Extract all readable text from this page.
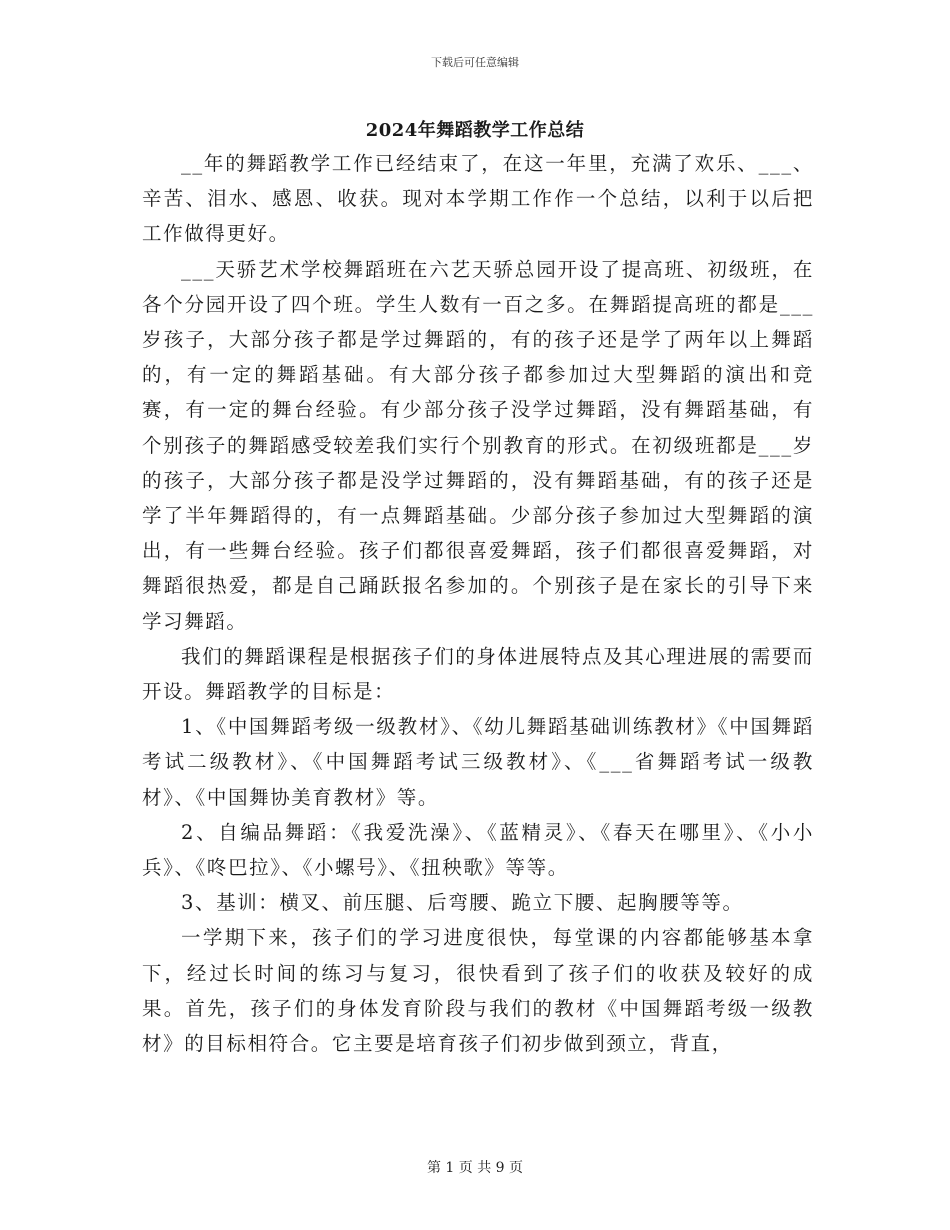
下载后可任意编辑
2024年舞蹈教学工作总结

__年的舞蹈教学工作已经结束了，在这一年里，充满了欢乐、___、辛苦、泪水、感恩、收获。现对本学期工作作一个总结，以利于以后把工作做得更好。

___天骄艺术学校舞蹈班在六艺天骄总园开设了提高班、初级班，在各个分园开设了四个班。学生人数有一百之多。在舞蹈提高班的都是___岁孩子，大部分孩子都是学过舞蹈的，有的孩子还是学了两年以上舞蹈的，有一定的舞蹈基础。有大部分孩子都参加过大型舞蹈的演出和竞赛，有一定的舞台经验。有少部分孩子没学过舞蹈，没有舞蹈基础，有个别孩子的舞蹈感受较差我们实行个别教育的形式。在初级班都是___岁的孩子，大部分孩子都是没学过舞蹈的，没有舞蹈基础，有的孩子还是学了半年舞蹈得的，有一点舞蹈基础。少部分孩子参加过大型舞蹈的演出，有一些舞台经验。孩子们都很喜爱舞蹈，孩子们都很喜爱舞蹈，对舞蹈很热爱，都是自己踊跃报名参加的。个别孩子是在家长的引导下来学习舞蹈。

我们的舞蹈课程是根据孩子们的身体进展特点及其心理进展的需要而开设。舞蹈教学的目标是：

1、《中国舞蹈考级一级教材》、《幼儿舞蹈基础训练教材》《中国舞蹈考试二级教材》、《中国舞蹈考试三级教材》、《___省舞蹈考试一级教材》、《中国舞协美育教材》等。

2、自编品舞蹈：《我爱洗澡》、《蓝精灵》、《春天在哪里》、《小小兵》、《咚巴拉》、《小螺号》、《扭秧歌》等等。

3、基训：横叉、前压腿、后弯腰、跪立下腰、起胸腰等等。

一学期下来，孩子们的学习进度很快，每堂课的内容都能够基本拿下，经过长时间的练习与复习，很快看到了孩子们的收获及较好的成果。首先，孩子们的身体发育阶段与我们的教材《中国舞蹈考级一级教材》的目标相符合。它主要是培育孩子们初步做到颈立，背直，

第 1 页 共 9 页
